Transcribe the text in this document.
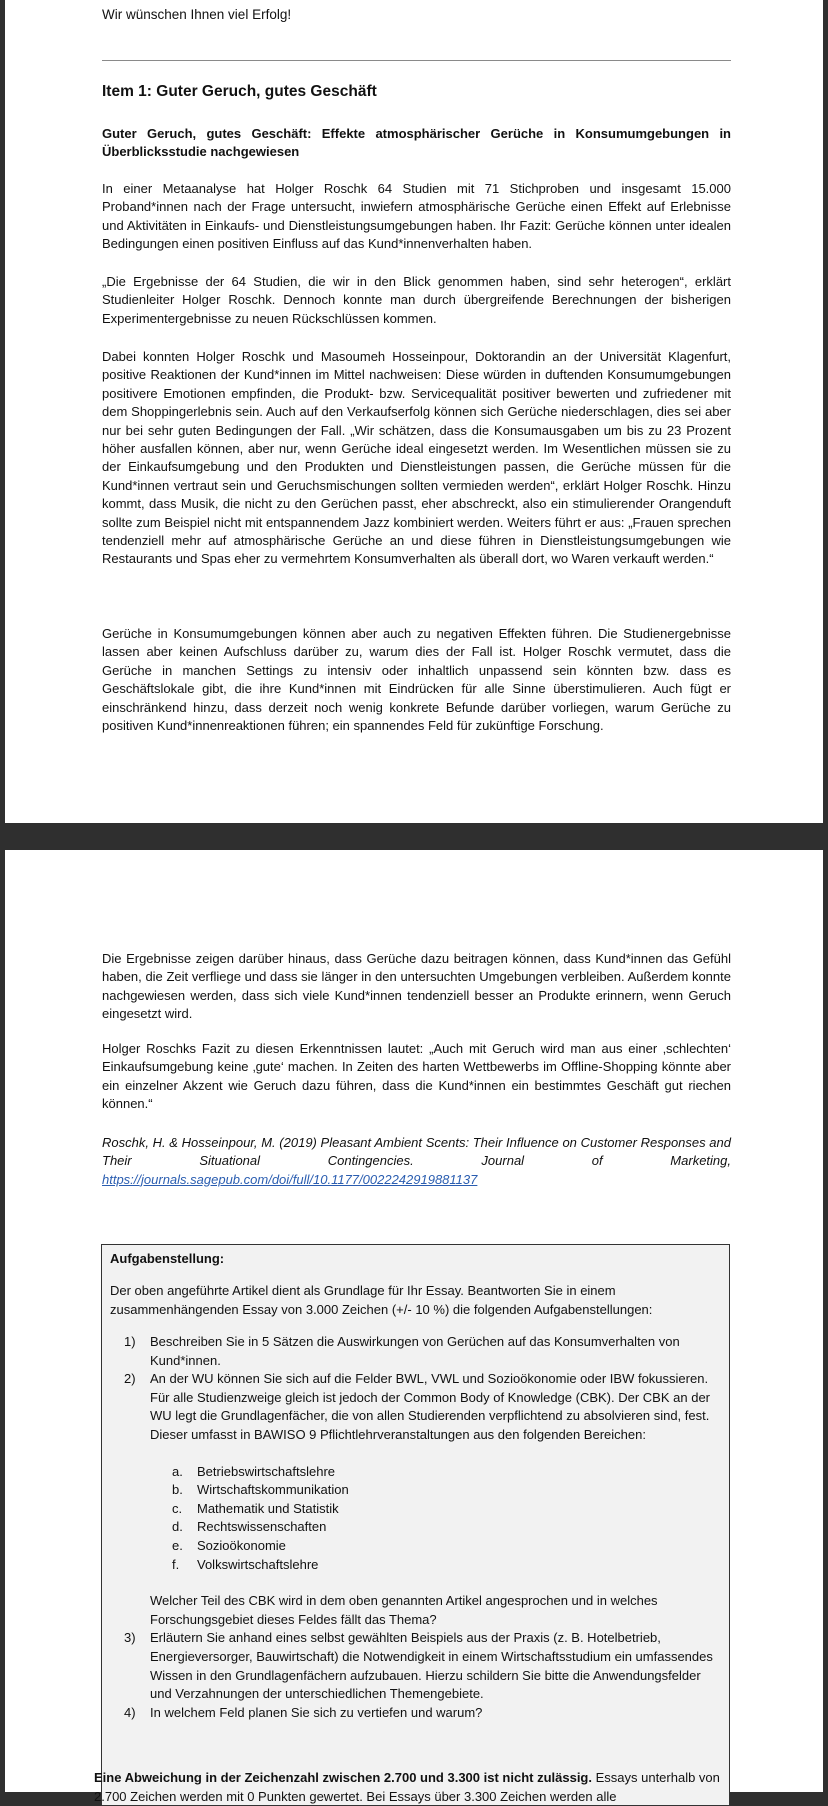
Wir wünschen Ihnen viel Erfolg!
Item 1: Guter Geruch, gutes Geschäft
Guter Geruch, gutes Geschäft: Effekte atmosphärischer Gerüche in Konsumumgebungen in Überblicksstudie nachgewiesen

In einer Metaanalyse hat Holger Roschk 64 Studien mit 71 Stichproben und insgesamt 15.000 Proband*innen nach der Frage untersucht, inwiefern atmosphärische Gerüche einen Effekt auf Erlebnisse und Aktivitäten in Einkaufs- und Dienstleistungsumgebungen haben. Ihr Fazit: Gerüche können unter idealen Bedingungen einen positiven Einfluss auf das Kund*innenverhalten haben.

„Die Ergebnisse der 64 Studien, die wir in den Blick genommen haben, sind sehr heterogen“, erklärt Studienleiter Holger Roschk. Dennoch konnte man durch übergreifende Berechnungen der bisherigen Experimentergebnisse zu neuen Rückschlüssen kommen.

Dabei konnten Holger Roschk und Masoumeh Hosseinpour, Doktorandin an der Universität Klagenfurt, positive Reaktionen der Kund*innen im Mittel nachweisen: Diese würden in duftenden Konsumumgebungen positivere Emotionen empfinden, die Produkt- bzw. Servicequalität positiver bewerten und zufriedener mit dem Shoppingerlebnis sein. Auch auf den Verkaufserfolg können sich Gerüche niederschlagen, dies sei aber nur bei sehr guten Bedingungen der Fall. „Wir schätzen, dass die Konsumausgaben um bis zu 23 Prozent höher ausfallen können, aber nur, wenn Gerüche ideal eingesetzt werden. Im Wesentlichen müssen sie zu der Einkaufsumgebung und den Produkten und Dienstleistungen passen, die Gerüche müssen für die Kund*innen vertraut sein und Geruchsmischungen sollten vermieden werden“, erklärt Holger Roschk. Hinzu kommt, dass Musik, die nicht zu den Gerüchen passt, eher abschreckt, also ein stimulierender Orangenduft sollte zum Beispiel nicht mit entspannendem Jazz kombiniert werden. Weiters führt er aus: „Frauen sprechen tendenziell mehr auf atmosphärische Gerüche an und diese führen in Dienstleistungsumgebungen wie Restaurants und Spas eher zu vermehrtem Konsumverhalten als überall dort, wo Waren verkauft werden.“

Gerüche in Konsumumgebungen können aber auch zu negativen Effekten führen. Die Studienergebnisse lassen aber keinen Aufschluss darüber zu, warum dies der Fall ist. Holger Roschk vermutet, dass die Gerüche in manchen Settings zu intensiv oder inhaltlich unpassend sein könnten bzw. dass es Geschäftslokale gibt, die ihre Kund*innen mit Eindrücken für alle Sinne überstimulieren. Auch fügt er einschränkend hinzu, dass derzeit noch wenig konkrete Befunde darüber vorliegen, warum Gerüche zu positiven Kund*innenreaktionen führen; ein spannendes Feld für zukünftige Forschung.

Die Ergebnisse zeigen darüber hinaus, dass Gerüche dazu beitragen können, dass Kund*innen das Gefühl haben, die Zeit verfliege und dass sie länger in den untersuchten Umgebungen verbleiben. Außerdem konnte nachgewiesen werden, dass sich viele Kund*innen tendenziell besser an Produkte erinnern, wenn Geruch eingesetzt wird.

Holger Roschks Fazit zu diesen Erkenntnissen lautet: „Auch mit Geruch wird man aus einer ‚schlechten‘ Einkaufsumgebung keine ‚gute‘ machen. In Zeiten des harten Wettbewerbs im Offline-Shopping könnte aber ein einzelner Akzent wie Geruch dazu führen, dass die Kund*innen ein bestimmtes Geschäft gut riechen können.“

Roschk, H. & Hosseinpour, M. (2019) Pleasant Ambient Scents: Their Influence on Customer Responses and Their Situational Contingencies. Journal of Marketing, https://journals.sagepub.com/doi/full/10.1177/0022242919881137
Aufgabenstellung:
Der oben angeführte Artikel dient als Grundlage für Ihr Essay. Beantworten Sie in einem zusammenhängenden Essay von 3.000 Zeichen (+/- 10 %) die folgenden Aufgabenstellungen:
1)	Beschreiben Sie in 5 Sätzen die Auswirkungen von Gerüchen auf das Konsumverhalten von Kund*innen.
2)	An der WU können Sie sich auf die Felder BWL, VWL und Sozioökonomie oder IBW fokussieren. Für alle Studienzweige gleich ist jedoch der Common Body of Knowledge (CBK). Der CBK an der WU legt die Grundlagenfächer, die von allen Studierenden verpflichtend zu absolvieren sind, fest. Dieser umfasst in BAWISO 9 Pflichtlehrveranstaltungen aus den folgenden Bereichen:
a.	Betriebswirtschaftslehre
b.	Wirtschaftskommunikation
c.	Mathematik und Statistik
d.	Rechtswissenschaften
e.	Sozioökonomie
f.	Volkswirtschaftslehre
Welcher Teil des CBK wird in dem oben genannten Artikel angesprochen und in welches Forschungsgebiet dieses Feldes fällt das Thema?
3)	Erläutern Sie anhand eines selbst gewählten Beispiels aus der Praxis (z. B. Hotelbetrieb, Energieversorger, Bauwirtschaft) die Notwendigkeit in einem Wirtschaftsstudium ein umfassendes Wissen in den Grundlagenfächern aufzubauen. Hierzu schildern Sie bitte die Anwendungsfelder und Verzahnungen der unterschiedlichen Themengebiete.
4)	In welchem Feld planen Sie sich zu vertiefen und warum?
Eine Abweichung in der Zeichenzahl zwischen 2.700 und 3.300 ist nicht zulässig. Essays unterhalb von 2.700 Zeichen werden mit 0 Punkten gewertet. Bei Essays über 3.300 Zeichen werden alle
